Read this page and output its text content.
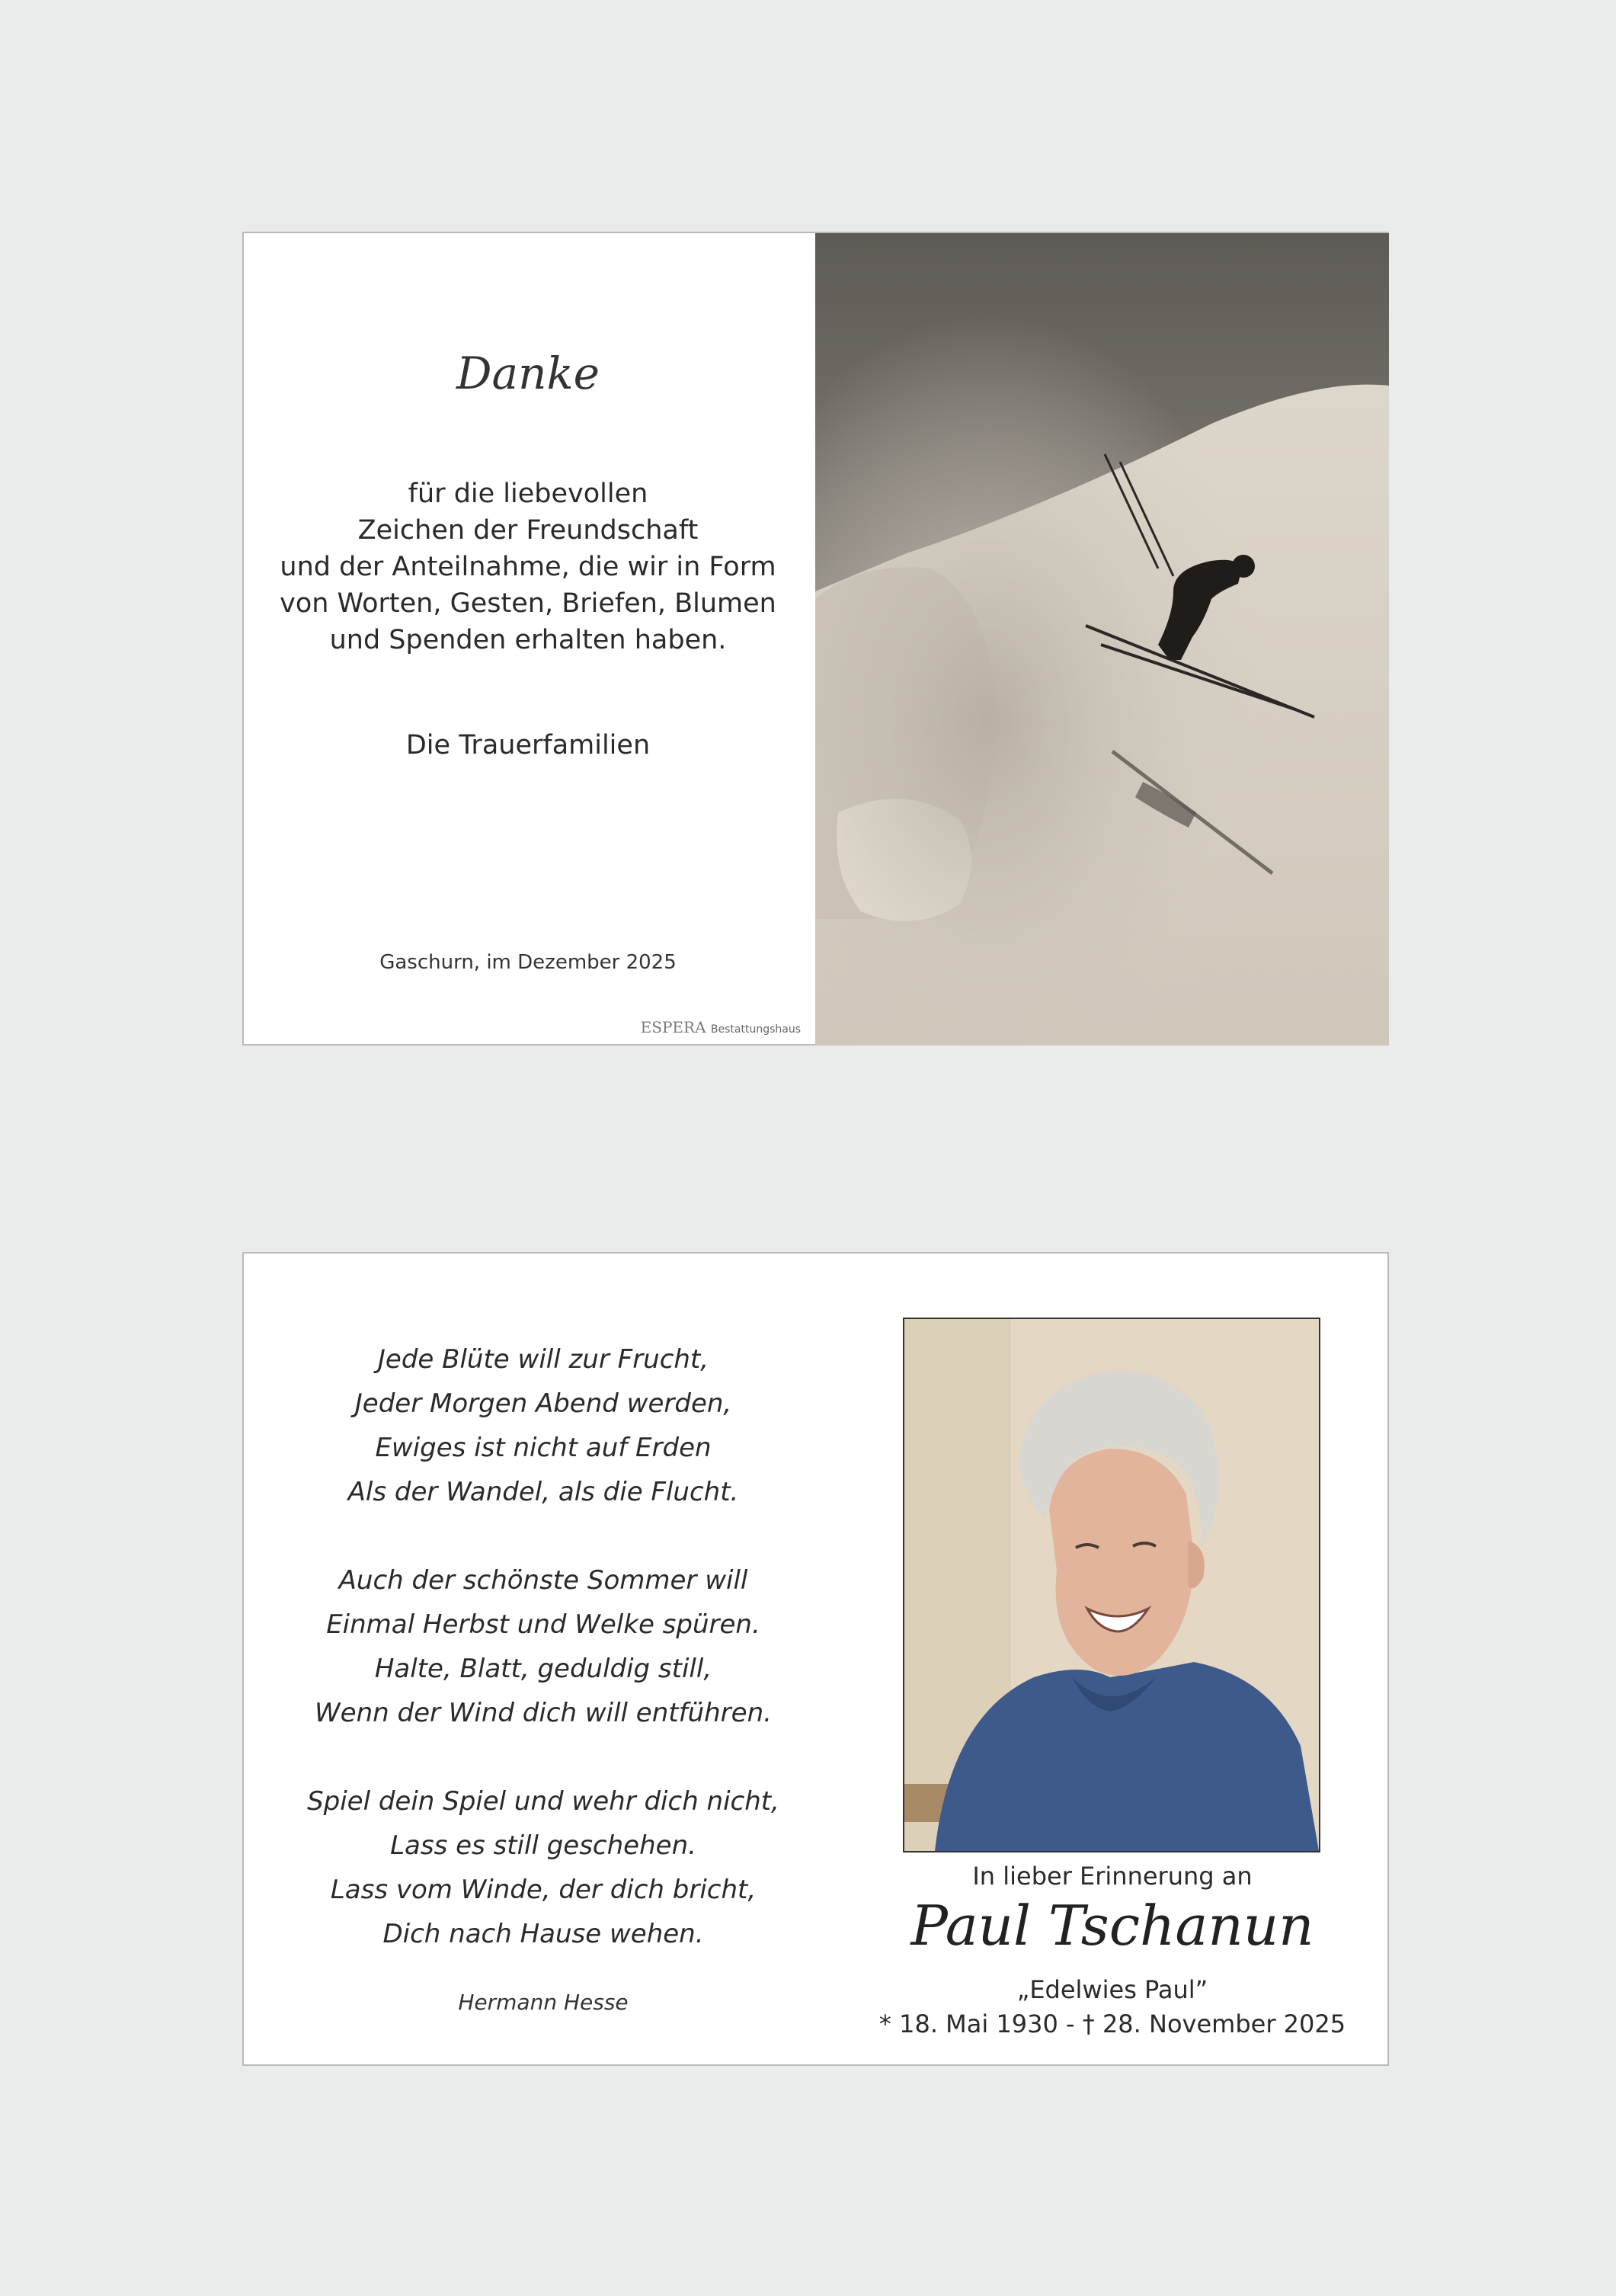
Danke
für die liebevollen
Zeichen der Freundschaft
und der Anteilnahme, die wir in Form
von Worten, Gesten, Briefen, Blumen
und Spenden erhalten haben.
Die Trauerfamilien
Gaschurn, im Dezember 2025
ESPERA Bestattungshaus
Jede Blüte will zur Frucht,
Jeder Morgen Abend werden,
Ewiges ist nicht auf Erden
Als der Wandel, als die Flucht.
Auch der schönste Sommer will
Einmal Herbst und Welke spüren.
Halte, Blatt, geduldig still,
Wenn der Wind dich will entführen.
Spiel dein Spiel und wehr dich nicht,
Lass es still geschehen.
Lass vom Winde, der dich bricht,
Dich nach Hause wehen.
Hermann Hesse
In lieber Erinnerung an
Paul Tschanun
„Edelwies Paul”
* 18. Mai 1930 - † 28. November 2025
